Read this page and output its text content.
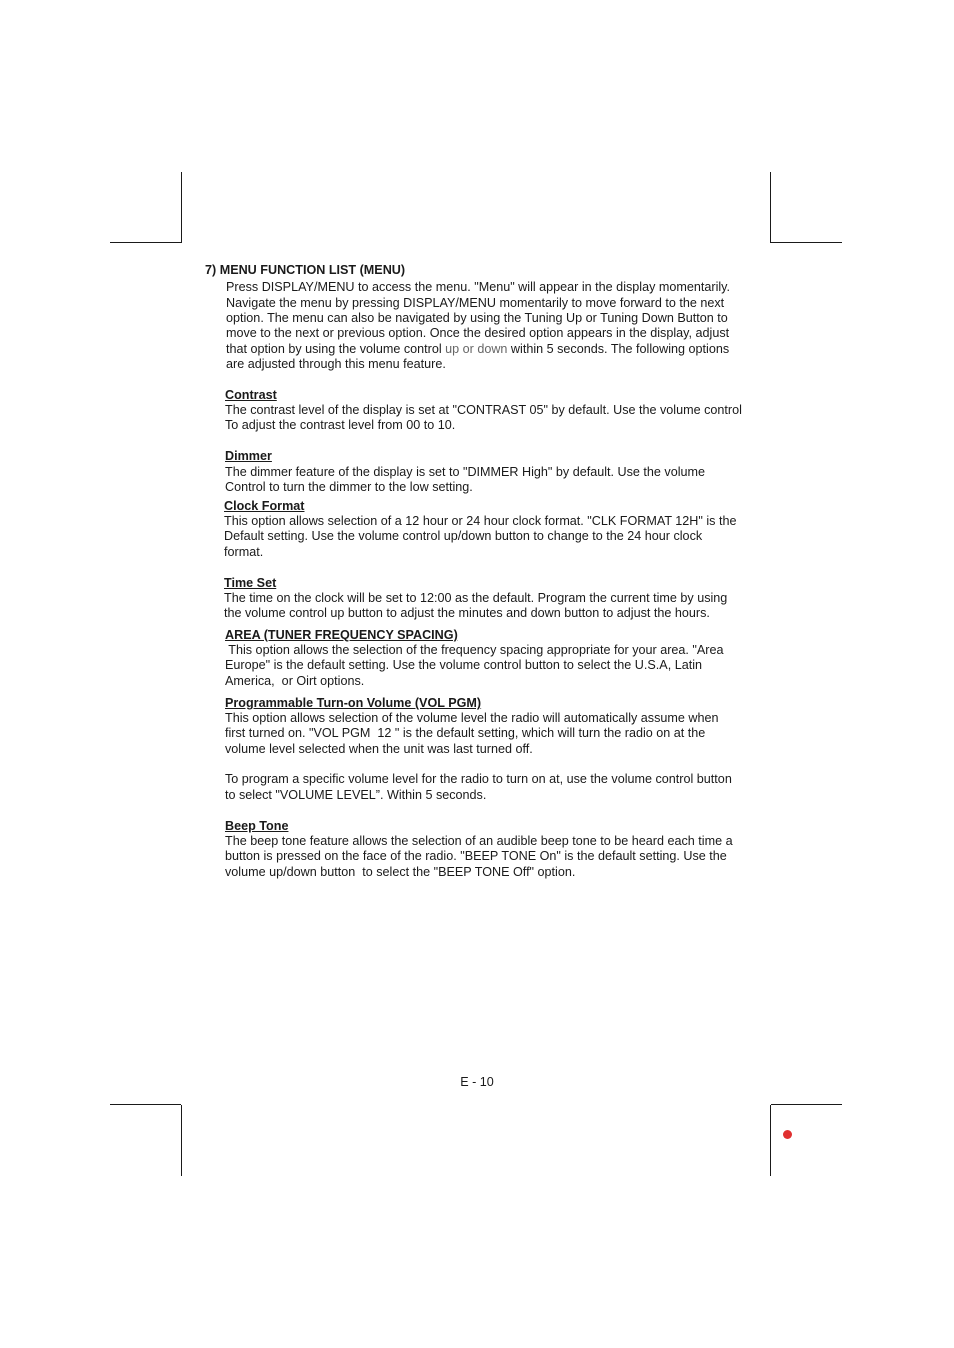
7) MENU FUNCTION LIST (MENU)
Press DISPLAY/MENU to access the menu. "Menu" will appear in the display momentarily.
Navigate the menu by pressing DISPLAY/MENU momentarily to move forward to the next
option. The menu can also be navigated by using the Tuning Up or Tuning Down Button to
move to the next or previous option. Once the desired option appears in the display, adjust
that option by using the volume control up or down within 5 seconds. The following options
are adjusted through this menu feature.
Contrast
The contrast level of the display is set at "CONTRAST 05" by default. Use the volume control
To adjust the contrast level from 00 to 10.
Dimmer
The dimmer feature of the display is set to "DIMMER High" by default. Use the volume
Control to turn the dimmer to the low setting.
Clock Format
This option allows selection of a 12 hour or 24 hour clock format. "CLK FORMAT 12H" is the
Default setting. Use the volume control up/down button to change to the 24 hour clock
format.
Time Set
The time on the clock will be set to 12:00 as the default. Program the current time by using
the volume control up button to adjust the minutes and down button to adjust the hours.
AREA (TUNER FREQUENCY SPACING)
This option allows the selection of the frequency spacing appropriate for your area. "Area
Europe" is the default setting. Use the volume control button to select the U.S.A, Latin
America,  or Oirt options.
Programmable Turn-on Volume (VOL PGM)
This option allows selection of the volume level the radio will automatically assume when
first turned on. "VOL PGM  12 " is the default setting, which will turn the radio on at the
volume level selected when the unit was last turned off.
To program a specific volume level for the radio to turn on at, use the volume control button
to select "VOLUME LEVEL”. Within 5 seconds.
Beep Tone
The beep tone feature allows the selection of an audible beep tone to be heard each time a
button is pressed on the face of the radio. "BEEP TONE On" is the default setting. Use the
volume up/down button  to select the "BEEP TONE Off" option.
E - 10
